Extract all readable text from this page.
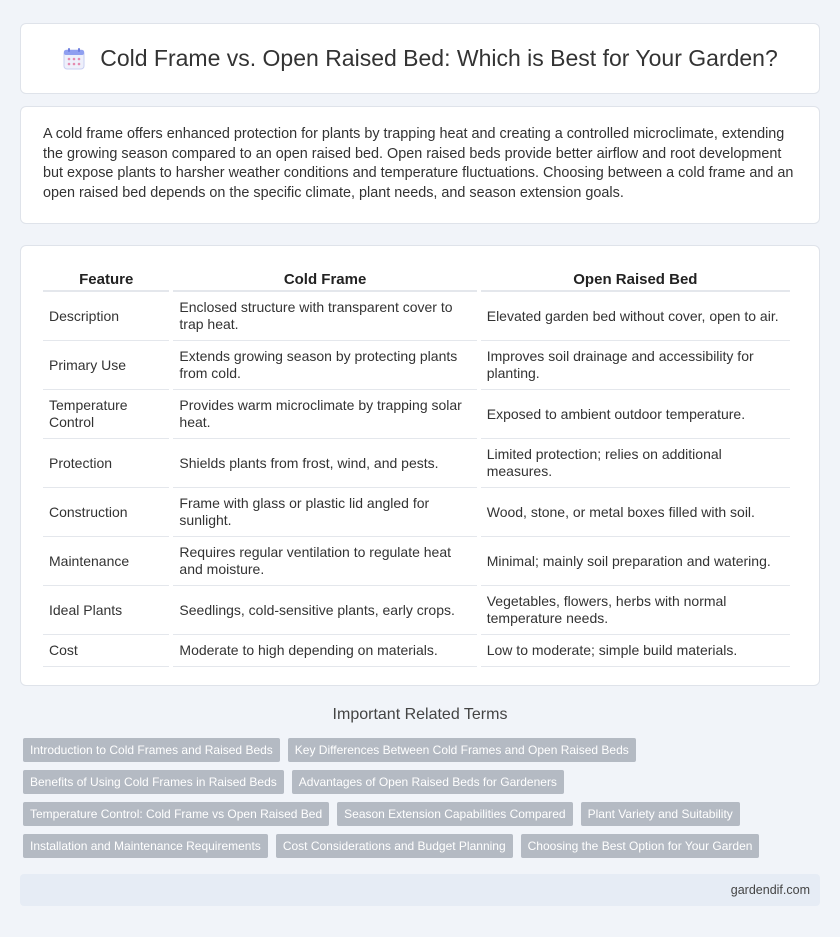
Cold Frame vs. Open Raised Bed: Which is Best for Your Garden?

A cold frame offers enhanced protection for plants by trapping heat and creating a controlled microclimate, extending the growing season compared to an open raised bed. Open raised beds provide better airflow and root development but expose plants to harsher weather conditions and temperature fluctuations. Choosing between a cold frame and an open raised bed depends on the specific climate, plant needs, and season extension goals.

Feature	Cold Frame	Open Raised Bed
Description	Enclosed structure with transparent cover to trap heat.	Elevated garden bed without cover, open to air.
Primary Use	Extends growing season by protecting plants from cold.	Improves soil drainage and accessibility for planting.
Temperature Control	Provides warm microclimate by trapping solar heat.	Exposed to ambient outdoor temperature.
Protection	Shields plants from frost, wind, and pests.	Limited protection; relies on additional measures.
Construction	Frame with glass or plastic lid angled for sunlight.	Wood, stone, or metal boxes filled with soil.
Maintenance	Requires regular ventilation to regulate heat and moisture.	Minimal; mainly soil preparation and watering.
Ideal Plants	Seedlings, cold-sensitive plants, early crops.	Vegetables, flowers, herbs with normal temperature needs.
Cost	Moderate to high depending on materials.	Low to moderate; simple build materials.
Important Related Terms
Introduction to Cold Frames and Raised Beds	Key Differences Between Cold Frames and Open Raised Beds
Benefits of Using Cold Frames in Raised Beds	Advantages of Open Raised Beds for Gardeners
Temperature Control: Cold Frame vs Open Raised Bed	Season Extension Capabilities Compared	Plant Variety and Suitability
Installation and Maintenance Requirements	Cost Considerations and Budget Planning	Choosing the Best Option for Your Garden
gardendif.com
